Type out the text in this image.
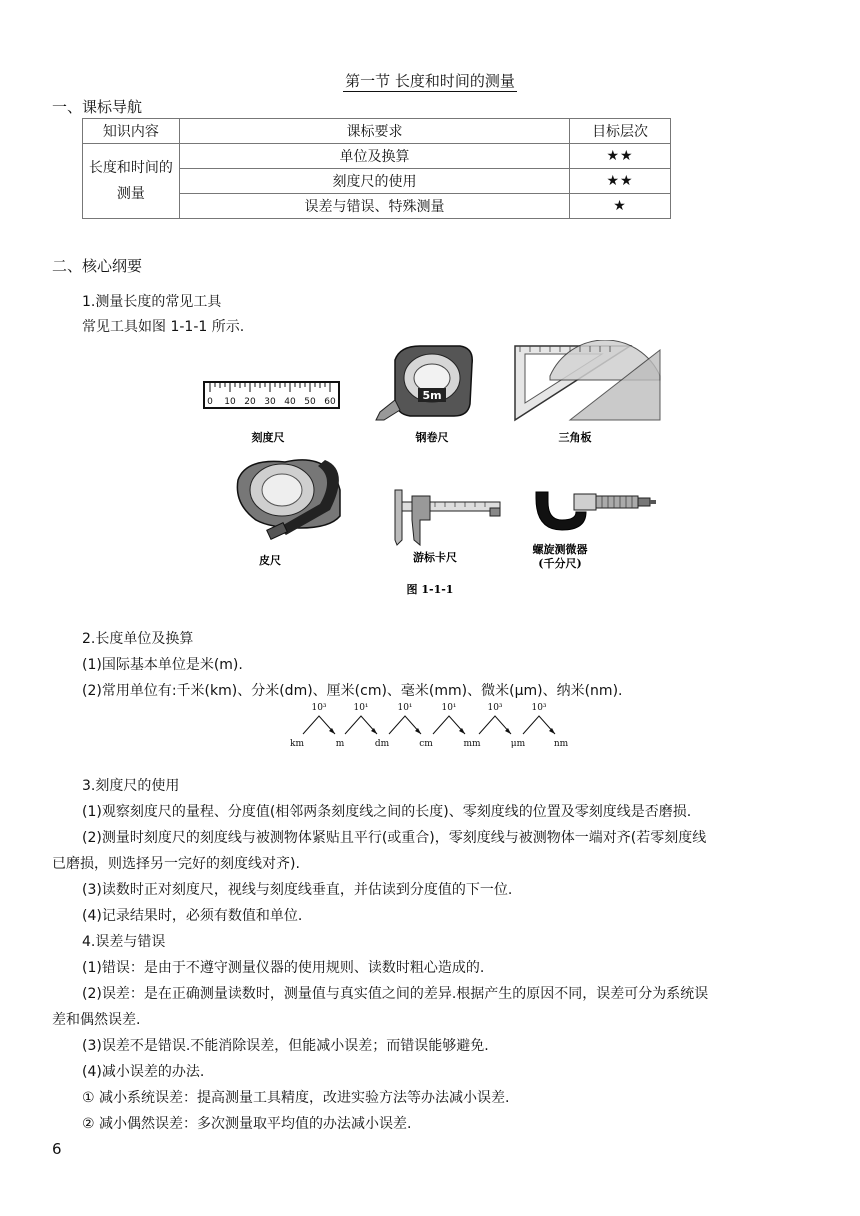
第一节 长度和时间的测量
一、课标导航
知识内容	课标要求	目标层次

长度和时间的
测量	单位及换算	★★
	刻度尺的使用	★★
	误差与错误、特殊测量	★
二、核心纲要
1.测量长度的常见工具
常见工具如图 1-1-1 所示.
0 10 20 30 40 50 60
刻度尺
5m
钢卷尺	三角板
皮尺	游标卡尺
螺旋测微器
(千分尺)
图 1-1-1
2.长度单位及换算
(1)国际基本单位是米(m).
(2)常用单位有:千米(km)、分米(dm)、厘米(cm)、毫米(mm)、微米(μm)、纳米(nm).
km	m	dm	cm	mm	μm	nm
10³	10¹	10¹	10¹	10³	10³
3.刻度尺的使用
(1)观察刻度尺的量程、分度值(相邻两条刻度线之间的长度)、零刻度线的位置及零刻度线是否磨损.
(2)测量时刻度尺的刻度线与被测物体紧贴且平行(或重合)，零刻度线与被测物体一端对齐(若零刻度线
已磨损，则选择另一完好的刻度线对齐).
(3)读数时正对刻度尺，视线与刻度线垂直，并估读到分度值的下一位.
(4)记录结果时，必须有数值和单位.
4.误差与错误
(1)错误：是由于不遵守测量仪器的使用规则、读数时粗心造成的.
(2)误差：是在正确测量读数时，测量值与真实值之间的差异.根据产生的原因不同，误差可分为系统误
差和偶然误差.
(3)误差不是错误.不能消除误差，但能减小误差；而错误能够避免.
(4)减小误差的办法.
① 减小系统误差：提高测量工具精度，改进实验方法等办法减小误差.
② 减小偶然误差：多次测量取平均值的办法减小误差.
6
